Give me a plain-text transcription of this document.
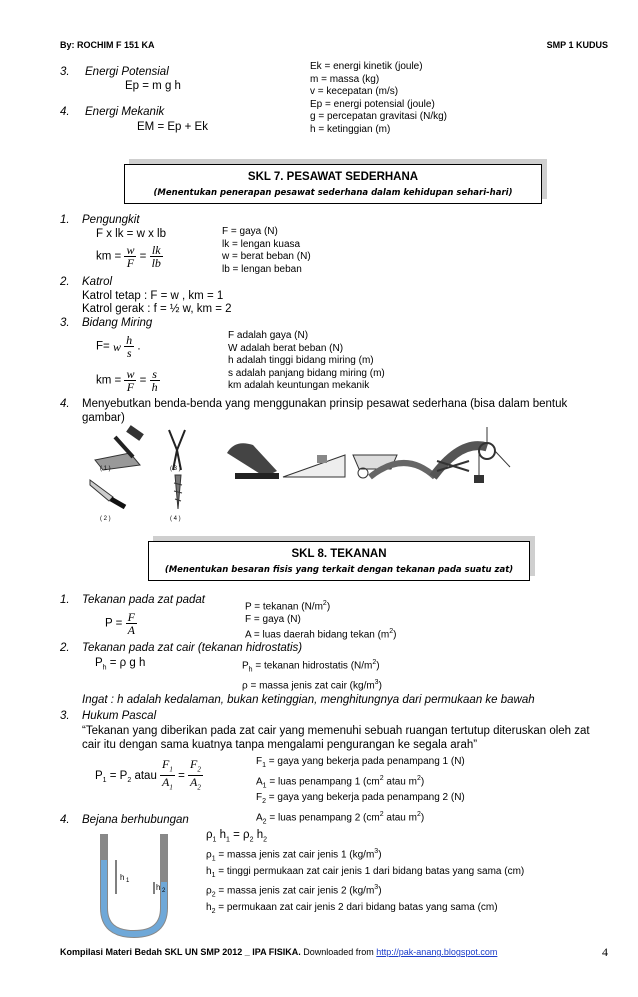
By: ROCHIM F 151 KA	SMP 1 KUDUS
3. Energi Potensial
Ep = m g h
4. Energi Mekanik
EM = Ep + Ek
Ek = energi kinetik (joule)
m = massa (kg)
v = kecepatan (m/s)
Ep = energi potensial (joule)
g = percepatan gravitasi (N/kg)
h = ketinggian (m)
SKL 7. PESAWAT SEDERHANA
(Menentukan penerapan pesawat sederhana dalam kehidupan sehari-hari)
1. Pengungkit
F x lk = w x lb
km = $\frac{w}{F} = \frac{lk}{lb}$
F = gaya (N)
lk = lengan kuasa
w = berat beban (N)
lb = lengan beban
2. Katrol
Katrol tetap : F = w , km = 1
Katrol gerak : f = ½ w, km = 2
3. Bidang Miring
F= w $\frac{h}{s}$ .
km = $\frac{w}{F} = \frac{s}{h}$
F adalah gaya (N)
W adalah berat beban (N)
h adalah tinggi bidang miring (m)
s adalah panjang bidang miring (m)
km adalah keuntungan mekanik
4. Menyebutkan benda-benda yang menggunakan prinsip pesawat sederhana (bisa dalam bentuk
gambar)
( 1 )	( 3 )
( 2 )	( 4 )
SKL 8. TEKANAN
(Menentukan besaran fisis yang terkait dengan tekanan pada suatu zat)
1. Tekanan pada zat padat
$P = \frac{F}{A}$
P = tekanan $(N/m^2)$
F = gaya (N)
A = luas daerah bidang tekan $(m^2)$
2. Tekanan pada zat cair (tekanan hidrostatis)
$P_h = \rho$ g h	$P_h$ = tekanan hidrostatis $(N/m^2)$
ρ = massa jenis zat cair $(kg/m^3)$
Ingat : h adalah kedalaman, bukan ketinggian, menghitungnya dari permukaan ke bawah
3. Hukum Pascal
“Tekanan yang diberikan pada zat cair yang memenuhi sebuah ruangan tertutup diteruskan oleh zat
cair itu dengan sama kuatnya tanpa mengalami pengurangan ke segala arah”
$P_1 = P_2$ atau $\frac{F_1}{A_1} = \frac{F_2}{A_2}$	$F_1$ = gaya yang bekerja pada penampang 1 (N)
$A_1$ = luas penampang 1 ($cm^2$ atau $m^2$)
$F_2$ = gaya yang bekerja pada penampang 2 (N)
$A_2$ = luas penampang 2 ($cm^2$ atau $m^2$)
4. Bejana berhubungan
$\rho_1$ $h_1 = \rho_2$ $h_2$
$\rho_1$ = massa jenis zat cair jenis 1 $(kg/m^3)$
$h_1$ = tinggi permukaan zat cair jenis 1 dari bidang batas yang sama (cm)
$\rho_2$ = massa jenis zat cair jenis 2 $(kg/m^3)$
$h_2$ = permukaan zat cair jenis 2 dari bidang batas yang sama (cm)
h 1
h 2
Kompilasi Materi Bedah SKL UN SMP 2012 _ IPA FISIKA. Downloaded from http://pak-anang.blogspot.com	4
